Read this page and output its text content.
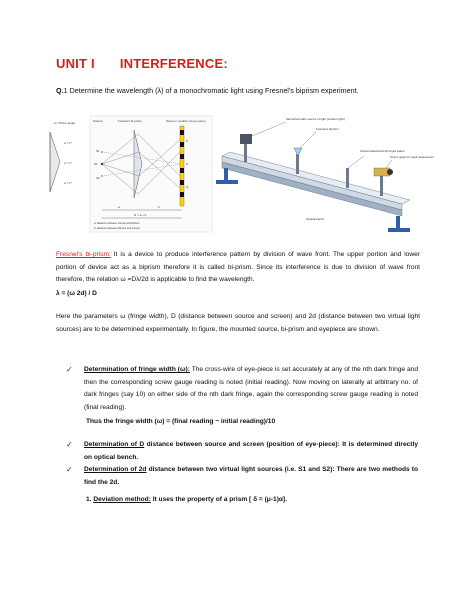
UNIT I INTERFERENCE:
Q.1 Determine the wavelength (λ) of a monochromatic light using Fresnel's biprism experiment.
α = Prism angle
α = 1°
α = 1°
α = 1°
Source	Fresnel's bi-prism	Screen / position of eye-piece
S1
2d
S2
P
O
Q
a	b
D = a + b
a: distance between source and biprism
b: distance between biprism and screen
Monochromatic source of light (sodium light)
Fresnel's biprism
Vertical scale/Horizontal fringes pattern
Screen gauge for visual measurement
Optical bench
Fresnel's bi-prism: It is a device to produce interference pattern by division of wave front. The upper portion and lower portion of device act as a biprism therefore it is called bi-prism. Since its interference is due to division of wave front therefore, the relation ω =Dλ/2d is applicable to find the wavelength.
λ = (ω 2d) / D
Here the parameters ω (fringe width), D (distance between source and screen) and 2d (distance between two virtual light sources) are to be determined experimentally. In figure, the mounted source, bi-prism and eyepiece are shown.
✓ Determination of fringe width (ω): The cross-wire of eye-piece is set accurately at any of the nth dark fringe and then the corresponding screw gauge reading is noted (initial reading). Now moving on laterally at arbitrary no. of dark fringes (say 10) on either side of the nth dark fringe, again the corresponding screw gauge reading is noted (final reading).
Thus the fringe width (ω) = (final reading ~ initial reading)/10
✓ Determination of D distance between source and screen (position of eye-piece): It is determined directly on optical bench.
✓ Determination of 2d distance between two virtual light sources (i.e. S1 and S2): There are two methods to find the 2d.
1. Deviation method: It uses the property of a prism [ δ = (μ-1)α].
